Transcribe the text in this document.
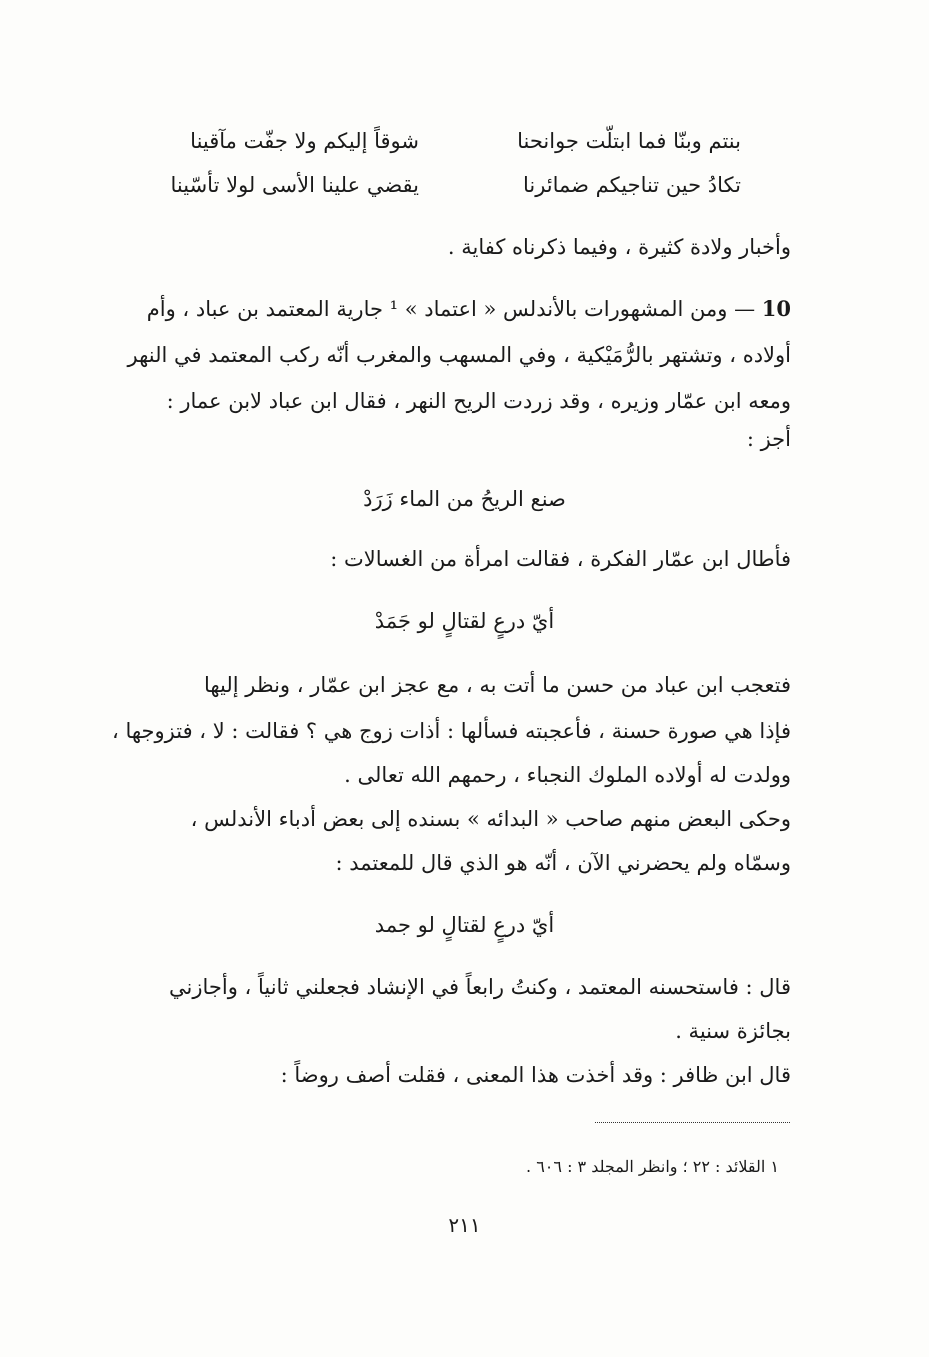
بنتم وبنّا فما ابتلّت جوانحنا
شوقاً إليكم ولا جفّت مآقينا
تكادُ حين تناجيكم ضمائرنا
يقضي علينا الأسى لولا تأسّينا
وأخبار ولادة كثيرة ، وفيما ذكرناه كفاية .
10 — ومن المشهورات بالأندلس « اعتماد » ¹ جارية المعتمد بن عباد ، وأم
أولاده ، وتشتهر بالرُّمَيْكية ، وفي المسهب والمغرب أنّه ركب المعتمد في النهر
ومعه ابن عمّار وزيره ، وقد زردت الريح النهر ، فقال ابن عباد لابن عمار :
أجز :
صنع الريحُ من الماء زَرَدْ
فأطال ابن عمّار الفكرة ، فقالت امرأة من الغسالات :
أيّ درعٍ لقتالٍ لو جَمَدْ
فتعجب ابن عباد من حسن ما أتت به ، مع عجز ابن عمّار ، ونظر إليها
فإذا هي صورة حسنة ، فأعجبته فسألها : أذات زوج هي ؟ فقالت : لا ، فتزوجها ،
وولدت له أولاده الملوك النجباء ، رحمهم الله تعالى .
وحكى البعض منهم صاحب « البدائه » بسنده إلى بعض أدباء الأندلس ،
وسمّاه ولم يحضرني الآن ، أنّه هو الذي قال للمعتمد :
أيّ درعٍ لقتالٍ لو جمد
قال : فاستحسنه المعتمد ، وكنتُ رابعاً في الإنشاد فجعلني ثانياً ، وأجازني
بجائزة سنية .
قال ابن ظافر : وقد أخذت هذا المعنى ، فقلت أصف روضاً :
١ القلائد : ٢٢ ؛ وانظر المجلد ٣ : ٦٠٦ .
٢١١
